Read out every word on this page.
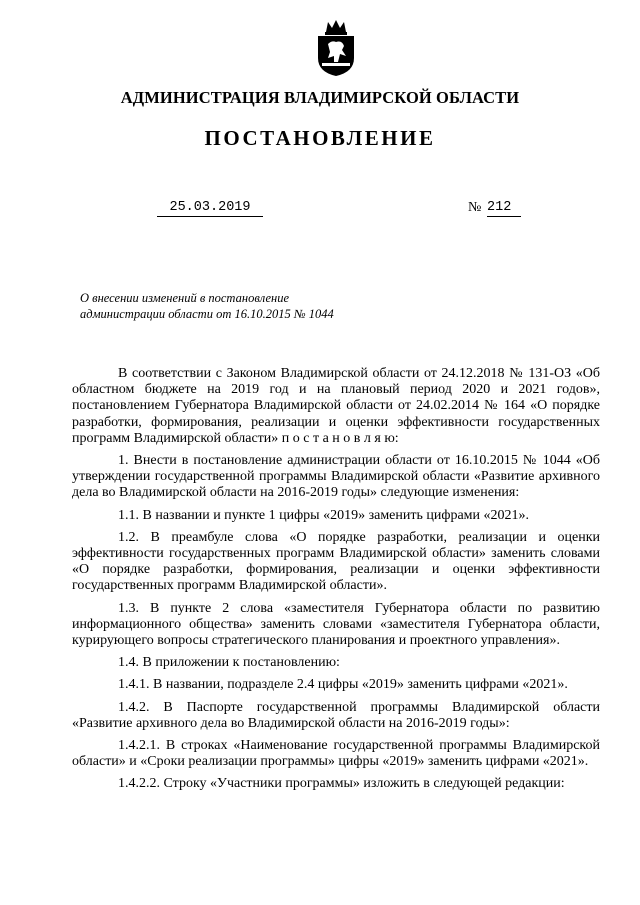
АДМИНИСТРАЦИЯ ВЛАДИМИРСКОЙ ОБЛАСТИ
ПОСТАНОВЛЕНИЕ
25.03.2019	№ 212
О внесении изменений в постановление
администрации области от 16.10.2015 № 1044

В соответствии с Законом Владимирской области от 24.12.2018 № 131-ОЗ «Об областном бюджете на 2019 год и на плановый период 2020 и 2021 годов», постановлением Губернатора Владимирской области от 24.02.2014 № 164 «О порядке разработки, формирования, реализации и оценки эффективности государственных программ Владимирской области» п о с т а н о в л я ю:

1. Внести в постановление администрации области от 16.10.2015 № 1044 «Об утверждении государственной программы Владимирской области «Развитие архивного дела во Владимирской области на 2016-2019 годы» следующие изменения:

1.1. В названии и пункте 1 цифры «2019» заменить цифрами «2021».

1.2. В преамбуле слова «О порядке разработки, реализации и оценки эффективности государственных программ Владимирской области» заменить словами «О порядке разработки, формирования, реализации и оценки эффективности государственных программ Владимирской области».

1.3. В пункте 2 слова «заместителя Губернатора области по развитию информационного общества» заменить словами «заместителя Губернатора области, курирующего вопросы стратегического планирования и проектного управления».

1.4. В приложении к постановлению:

1.4.1. В названии, подразделе 2.4 цифры «2019» заменить цифрами «2021».

1.4.2. В Паспорте государственной программы Владимирской области «Развитие архивного дела во Владимирской области на 2016-2019 годы»:

1.4.2.1. В строках «Наименование государственной программы Владимирской области» и «Сроки реализации программы» цифры «2019» заменить цифрами «2021».

1.4.2.2. Строку «Участники программы» изложить в следующей редакции:
